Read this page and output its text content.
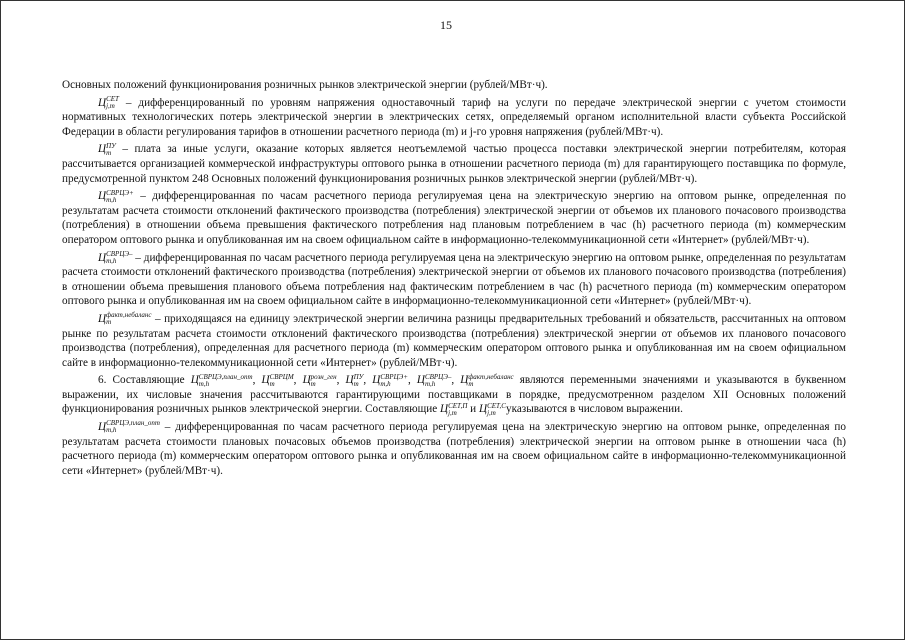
15

Основных положений функционирования розничных рынков электрической энергии (рублей/МВт·ч).

Ц СЕТ
j,m – дифференцированный по уровням напряжения одноставочный тариф на услуги по передаче электрической энергии с учетом стоимости нормативных технологических потерь электрической энергии в электрических сетях, определяемый органом исполнительной власти субъекта Российской Федерации в области регулирования тарифов в отношении расчетного периода (m) и j-го уровня напряжения (рублей/МВт·ч).

Ц ПУ
m – плата за иные услуги, оказание которых является неотъемлемой частью процесса поставки электрической энергии потребителям, которая рассчитывается организацией коммерческой инфраструктуры оптового рынка в отношении расчетного периода (m) для гарантирующего поставщика по формуле, предусмотренной пунктом 248 Основных положений функционирования розничных рынков электрической энергии (рублей/МВт·ч).

Ц СВРЦЭ+
m,h	– дифференцированная по часам расчетного периода регулируемая цена на электрическую энергию на оптовом рынке, определенная по результатам расчета стоимости отклонений фактического производства (потребления) электрической энергии от объемов их планового почасового производства (потребления) в отношении объема превышения фактического потребления над плановым потреблением в час (h) расчетного периода (m) коммерческим оператором оптового рынка и опубликованная им на своем официальном сайте в информационно-телекоммуникационной сети «Интернет» (рублей/МВт·ч).

Ц СВРЦЭ–
m,h	– дифференцированная по часам расчетного периода регулируемая цена на электрическую энергию на оптовом рынке, определенная по результатам расчета стоимости отклонений фактического производства (потребления) электрической энергии от объемов их планового почасового производства (потребления) в отношении объема превышения планового объема потребления над фактическим потреблением в час (h) расчетного периода (m) коммерческим оператором оптового рынка и опубликованная им на своем официальном сайте в информационно-телекоммуникационной сети «Интернет» (рублей/МВт·ч).

Ц факт,небаланс
m	– приходящаяся на единицу электрической энергии величина разницы предварительных требований и обязательств, рассчитанных на оптовом рынке по результатам расчета стоимости отклонений фактического производства (потребления) электрической энергии от объемов их планового почасового производства (потребления), определенная для расчетного периода (m) коммерческим оператором оптового рынка и опубликованная им на своем официальном сайте в информационно-телекоммуникационной сети «Интернет» (рублей/МВт·ч).

6. Составляющие Ц СВРЦЭ,план_опт
m,h	, Ц СВРЦМ
m	, Ц розн_ген
m	, Ц ПУ
m , Ц СВРЦЭ+
m,h	, Ц СВРЦЭ–
m,h	, Ц факт,небаланс
m	являются переменными значениями и указываются в буквенном выражении, их числовые значения рассчитываются гарантирующими поставщиками в порядке, предусмотренном разделом XII Основных положений функционирования розничных рынков электрической энергии. Составляющие Ц СЕТ,П
j,m и Ц СЕТ,С
j,m указываются в числовом выражении.

Ц СВРЦЭ,план_опт
m,h	– дифференцированная по часам расчетного периода регулируемая цена на электрическую энергию на оптовом рынке, определенная по результатам расчета стоимости плановых почасовых объемов производства (потребления) электрической энергии на оптовом рынке в отношении часа (h) расчетного периода (m) коммерческим оператором оптового рынка и опубликованная им на своем официальном сайте в информационно-телекоммуникационной сети «Интернет» (рублей/МВт·ч).
